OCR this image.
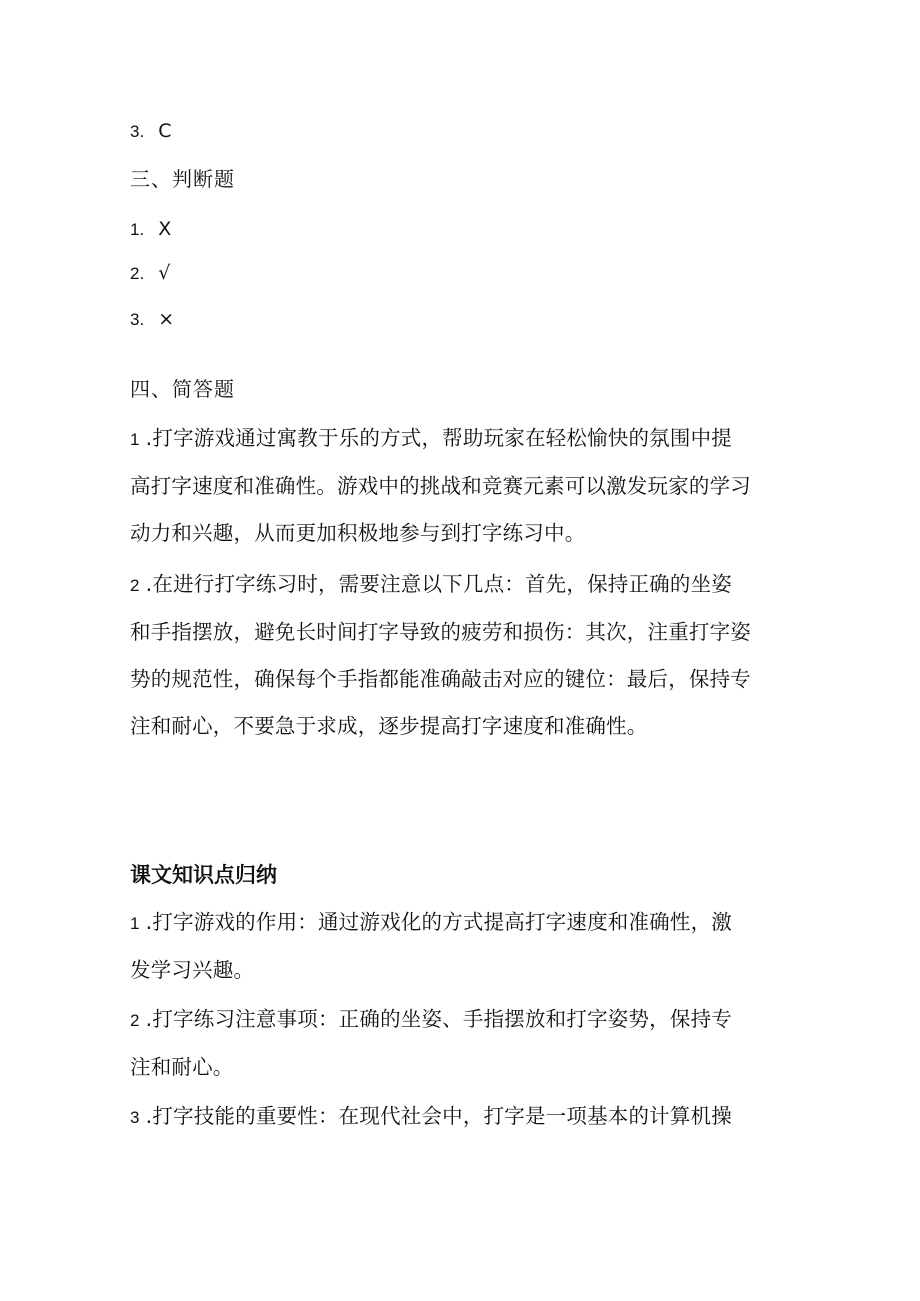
3. C
三、判断题
1. X
2. √
3. ×
四、简答题
1 .打字游戏通过寓教于乐的方式，帮助玩家在轻松愉快的氛围中提
高打字速度和准确性。游戏中的挑战和竞赛元素可以激发玩家的学习
动力和兴趣，从而更加积极地参与到打字练习中。
2 .在进行打字练习时，需要注意以下几点：首先，保持正确的坐姿
和手指摆放，避免长时间打字导致的疲劳和损伤：其次，注重打字姿
势的规范性，确保每个手指都能准确敲击对应的键位：最后，保持专
注和耐心，不要急于求成，逐步提高打字速度和准确性。
课文知识点归纳
1 .打字游戏的作用：通过游戏化的方式提高打字速度和准确性，激
发学习兴趣。
2 .打字练习注意事项：正确的坐姿、手指摆放和打字姿势，保持专
注和耐心。
3 .打字技能的重要性：在现代社会中，打字是一项基本的计算机操
